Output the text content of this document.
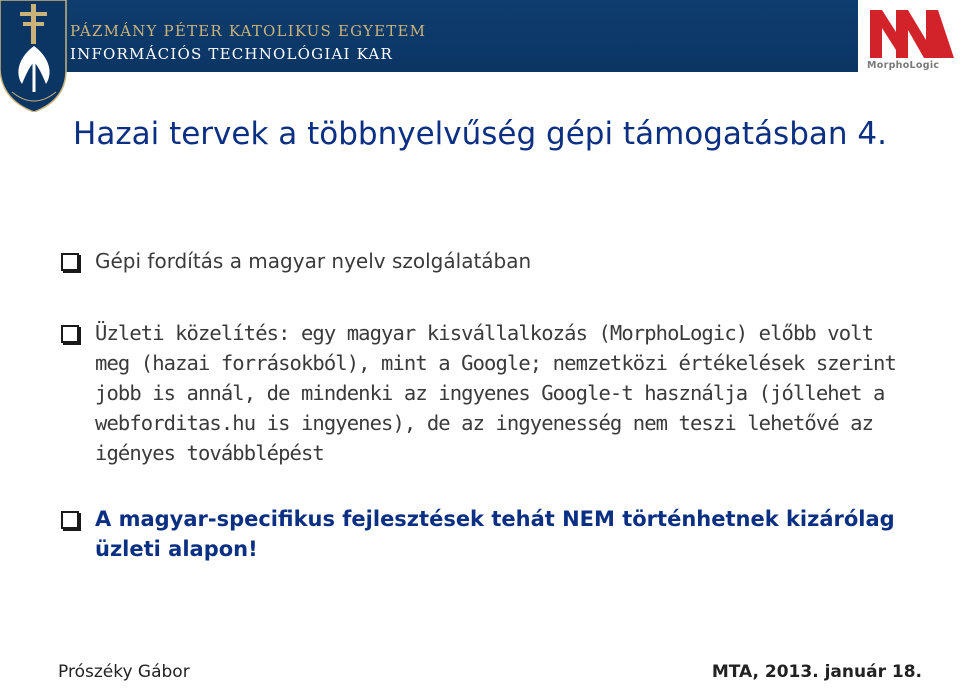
PÁZMÁNY PÉTER KATOLIKUS EGYETEM
INFORMÁCIÓS TECHNOLÓGIAI KAR
MorphoLogic
Hazai tervek a többnyelvűség gépi támogatásban 4.
Gépi fordítás a magyar nyelv szolgálatában
Üzleti közelítés: egy magyar kisvállalkozás (MorphoLogic) előbb volt meg (hazai forrásokból), mint a Google; nemzetközi értékelések szerint jobb is annál, de mindenki az ingyenes Google-t használja (jóllehet a webforditas.hu is ingyenes), de az ingyenesség nem teszi lehetővé az igényes továbblépést
A magyar-specifikus fejlesztések tehát NEM történhetnek kizárólag üzleti alapon!
Prószéky Gábor	MTA, 2013. január 18.
